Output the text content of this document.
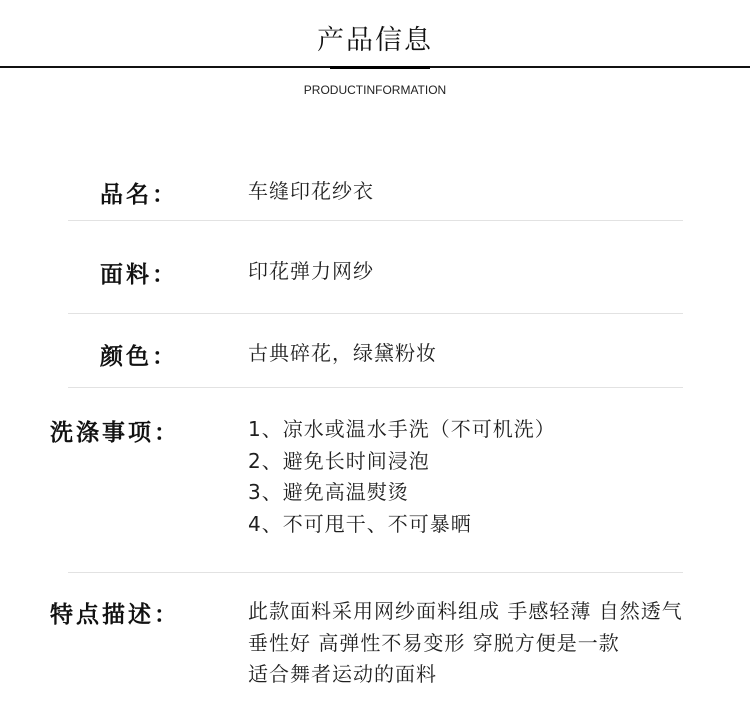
产品信息
PRODUCTINFORMATION
品名：	车缝印花纱衣
面料：	印花弹力网纱
颜色：	古典碎花，绿黛粉妆
洗涤事项：	1、凉水或温水手洗（不可机洗）
2、避免长时间浸泡
3、避免高温熨烫
4、不可甩干、不可暴晒
特点描述：	此款面料采用网纱面料组成 手感轻薄 自然透气
垂性好 高弹性不易变形 穿脱方便是一款
适合舞者运动的面料
